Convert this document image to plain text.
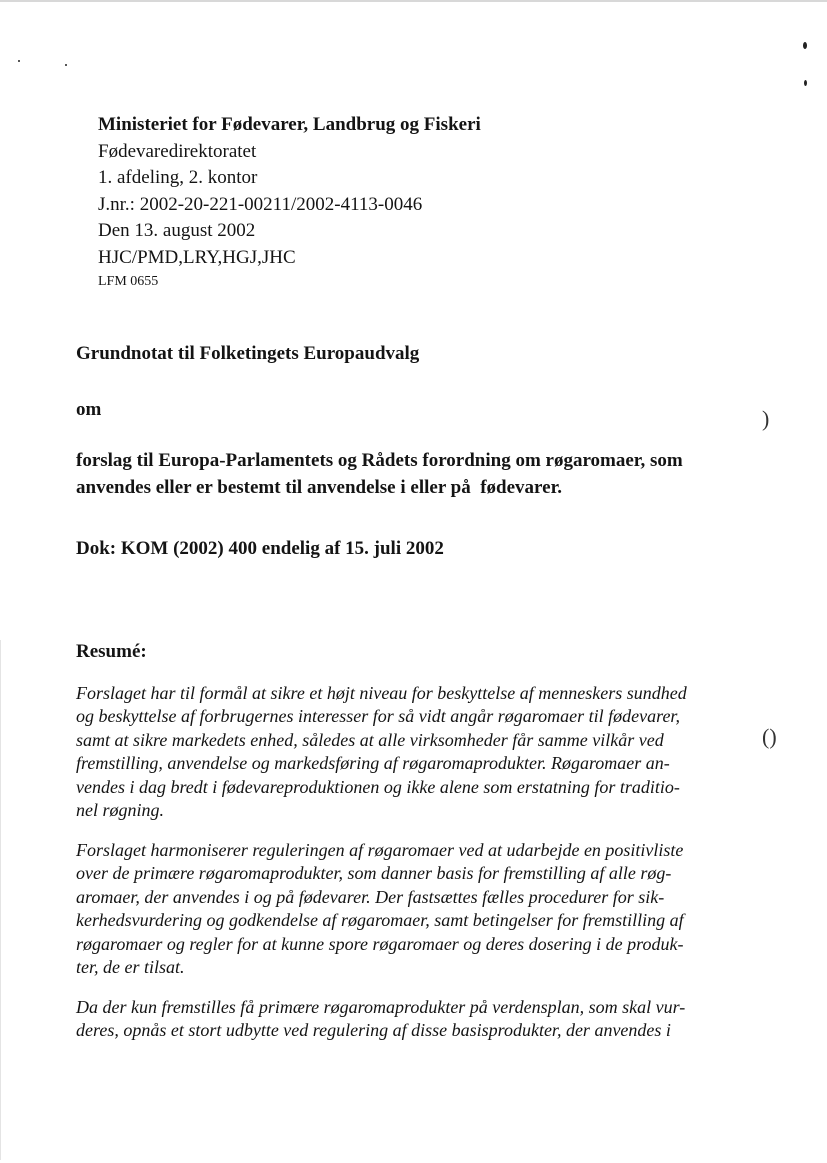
)
()
Ministeriet for Fødevarer, Landbrug og Fiskeri
Fødevaredirektoratet
1. afdeling, 2. kontor
J.nr.: 2002-20-221-00211/2002-4113-0046
Den 13. august 2002
HJC/PMD,LRY,HGJ,JHC
LFM 0655
Grundnotat til Folketingets Europaudvalg
om
forslag til Europa-Parlamentets og Rådets forordning om røgaromaer, som
anvendes eller er bestemt til anvendelse i eller på  fødevarer.
Dok: KOM (2002) 400 endelig af 15. juli 2002
Resumé:
Forslaget har til formål at sikre et højt niveau for beskyttelse af menneskers sundhed
og beskyttelse af forbrugernes interesser for så vidt angår røgaromaer til fødevarer,
samt at sikre markedets enhed, således at alle virksomheder får samme vilkår ved
fremstilling, anvendelse og markedsføring af røgaromaprodukter. Røgaromaer an-
vendes i dag bredt i fødevareproduktionen og ikke alene som erstatning for traditio-
nel røgning.
Forslaget harmoniserer reguleringen af røgaromaer ved at udarbejde en positivliste
over de primære røgaromaprodukter, som danner basis for fremstilling af alle røg-
aromaer, der anvendes i og på fødevarer. Der fastsættes fælles procedurer for sik-
kerhedsvurdering og godkendelse af røgaromaer, samt betingelser for fremstilling af
røgaromaer og regler for at kunne spore røgaromaer og deres dosering i de produk-
ter, de er tilsat.
Da der kun fremstilles få primære røgaromaprodukter på verdensplan, som skal vur-
deres, opnås et stort udbytte ved regulering af disse basisprodukter, der anvendes i
